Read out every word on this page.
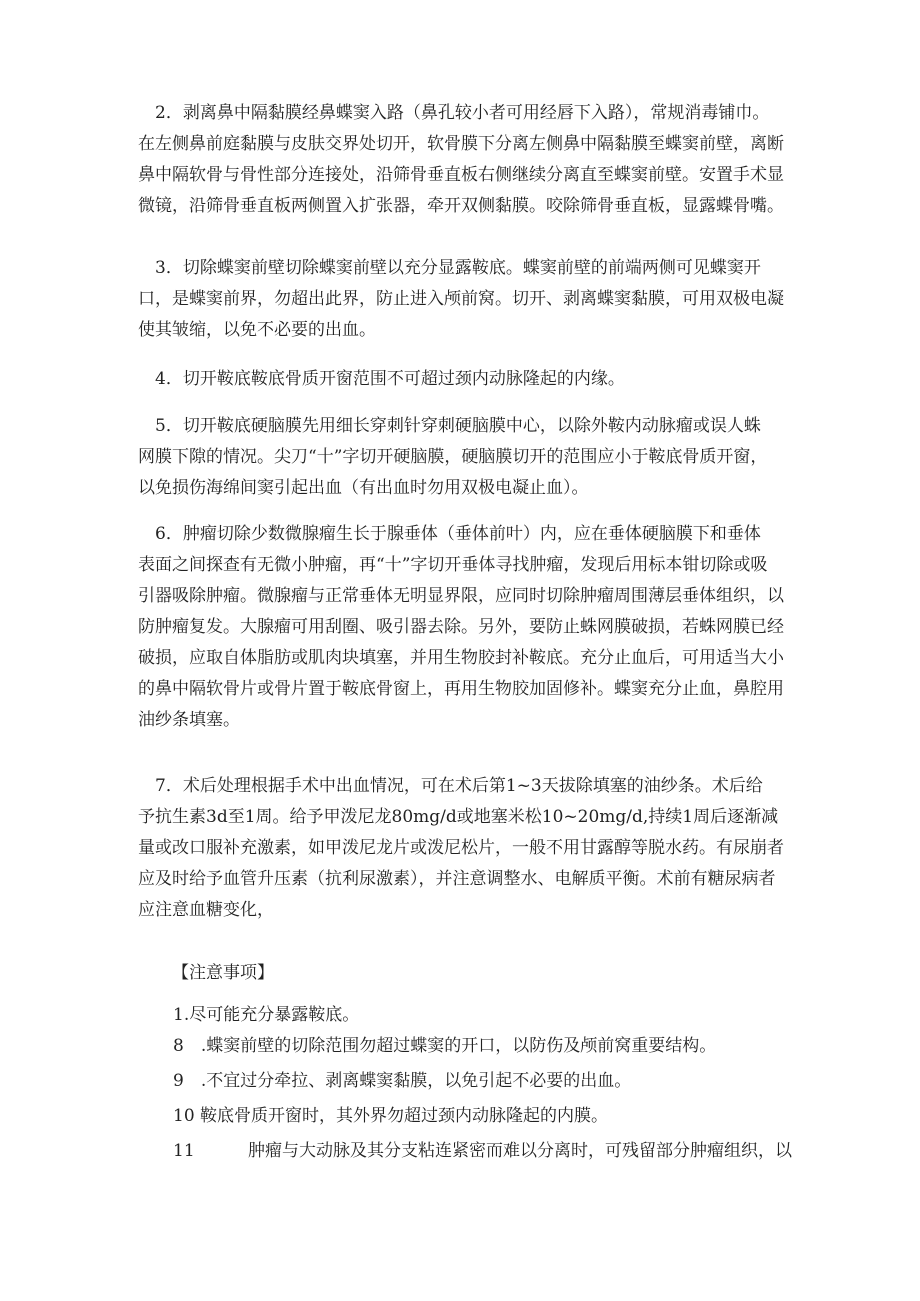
　2．剥离鼻中隔黏膜经鼻蝶窦入路（鼻孔较小者可用经唇下入路），常规消毒铺巾。
在左侧鼻前庭黏膜与皮肤交界处切开，软骨膜下分离左侧鼻中隔黏膜至蝶窦前壁，离断
鼻中隔软骨与骨性部分连接处，沿筛骨垂直板右侧继续分离直至蝶窦前壁。安置手术显
微镜，沿筛骨垂直板两侧置入扩张器，牵开双侧黏膜。咬除筛骨垂直板，显露蝶骨嘴。
　3．切除蝶窦前壁切除蝶窦前壁以充分显露鞍底。蝶窦前壁的前端两侧可见蝶窦开
口，是蝶窦前界，勿超出此界，防止进入颅前窝。切开、剥离蝶窦黏膜，可用双极电凝
使其皱缩，以免不必要的出血。
　4．切开鞍底鞍底骨质开窗范围不可超过颈内动脉隆起的内缘。
　5．切开鞍底硬脑膜先用细长穿刺针穿刺硬脑膜中心，以除外鞍内动脉瘤或误人蛛
网膜下隙的情况。尖刀“十”字切开硬脑膜，硬脑膜切开的范围应小于鞍底骨质开窗，
以免损伤海绵间窦引起出血（有出血时勿用双极电凝止血）。
　6．肿瘤切除少数微腺瘤生长于腺垂体（垂体前叶）内，应在垂体硬脑膜下和垂体
表面之间探查有无微小肿瘤，再“十”字切开垂体寻找肿瘤，发现后用标本钳切除或吸
引器吸除肿瘤。微腺瘤与正常垂体无明显界限，应同时切除肿瘤周围薄层垂体组织，以
防肿瘤复发。大腺瘤可用刮圈、吸引器去除。另外，要防止蛛网膜破损，若蛛网膜已经
破损，应取自体脂肪或肌肉块填塞，并用生物胶封补鞍底。充分止血后，可用适当大小
的鼻中隔软骨片或骨片置于鞍底骨窗上，再用生物胶加固修补。蝶窦充分止血，鼻腔用
油纱条填塞。
　7．术后处理根据手术中出血情况，可在术后第1~3天拔除填塞的油纱条。术后给
予抗生素3d至1周。给予甲泼尼龙80mg/d或地塞米松10~20mg/d,持续1周后逐渐减
量或改口服补充激素，如甲泼尼龙片或泼尼松片，一般不用甘露醇等脱水药。有尿崩者
应及时给予血管升压素（抗利尿激素），并注意调整水、电解质平衡。术前有糖尿病者
应注意血糖变化，
【注意事项】
1.尽可能充分暴露鞍底。
8　.蝶窦前壁的切除范围勿超过蝶窦的开口，以防伤及颅前窝重要结构。
9　.不宜过分牵拉、剥离蝶窦黏膜，以免引起不必要的出血。
10 鞍底骨质开窗时，其外界勿超过颈内动脉隆起的内膜。
11	肿瘤与大动脉及其分支粘连紧密而难以分离时，可残留部分肿瘤组织，以
